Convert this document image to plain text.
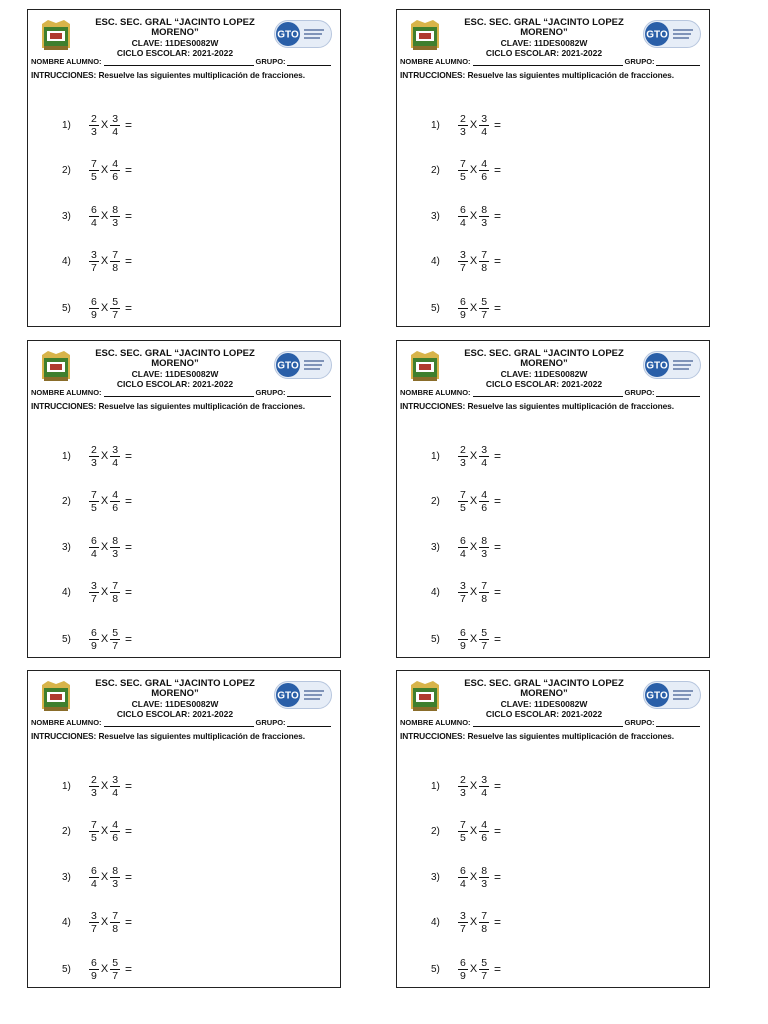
ESC. SEC. GRAL “JACINTO LOPEZ MORENO”
CLAVE: 11DES0082W
CICLO ESCOLAR: 2021-2022
GTO
NOMBRE ALUMNO:	GRUPO:
INTRUCCIONES: Resuelve las siguientes multiplicación de fracciones.
1)	$\frac{2}{3}$ X $\frac{3}{4}$ =
2)	$\frac{7}{5}$ X $\frac{4}{6}$ =
3)	$\frac{6}{4}$ X $\frac{8}{3}$ =
4)	$\frac{3}{7}$ X $\frac{7}{8}$ =
5)	$\frac{6}{9}$ X $\frac{5}{7}$ =
ESC. SEC. GRAL “JACINTO LOPEZ MORENO”
CLAVE: 11DES0082W
CICLO ESCOLAR: 2021-2022
GTO
NOMBRE ALUMNO:	GRUPO:
INTRUCCIONES: Resuelve las siguientes multiplicación de fracciones.
1)	$\frac{2}{3}$ X $\frac{3}{4}$ =
2)	$\frac{7}{5}$ X $\frac{4}{6}$ =
3)	$\frac{6}{4}$ X $\frac{8}{3}$ =
4)	$\frac{3}{7}$ X $\frac{7}{8}$ =
5)	$\frac{6}{9}$ X $\frac{5}{7}$ =
ESC. SEC. GRAL “JACINTO LOPEZ MORENO”
CLAVE: 11DES0082W
CICLO ESCOLAR: 2021-2022
GTO
NOMBRE ALUMNO:	GRUPO:
INTRUCCIONES: Resuelve las siguientes multiplicación de fracciones.
1)	$\frac{2}{3}$ X $\frac{3}{4}$ =
2)	$\frac{7}{5}$ X $\frac{4}{6}$ =
3)	$\frac{6}{4}$ X $\frac{8}{3}$ =
4)	$\frac{3}{7}$ X $\frac{7}{8}$ =
5)	$\frac{6}{9}$ X $\frac{5}{7}$ =
ESC. SEC. GRAL “JACINTO LOPEZ MORENO”
CLAVE: 11DES0082W
CICLO ESCOLAR: 2021-2022
GTO
NOMBRE ALUMNO:	GRUPO:
INTRUCCIONES: Resuelve las siguientes multiplicación de fracciones.
1)	$\frac{2}{3}$ X $\frac{3}{4}$ =
2)	$\frac{7}{5}$ X $\frac{4}{6}$ =
3)	$\frac{6}{4}$ X $\frac{8}{3}$ =
4)	$\frac{3}{7}$ X $\frac{7}{8}$ =
5)	$\frac{6}{9}$ X $\frac{5}{7}$ =
ESC. SEC. GRAL “JACINTO LOPEZ MORENO”
CLAVE: 11DES0082W
CICLO ESCOLAR: 2021-2022
GTO
NOMBRE ALUMNO:	GRUPO:
INTRUCCIONES: Resuelve las siguientes multiplicación de fracciones.
1)	$\frac{2}{3}$ X $\frac{3}{4}$ =
2)	$\frac{7}{5}$ X $\frac{4}{6}$ =
3)	$\frac{6}{4}$ X $\frac{8}{3}$ =
4)	$\frac{3}{7}$ X $\frac{7}{8}$ =
5)	$\frac{6}{9}$ X $\frac{5}{7}$ =
ESC. SEC. GRAL “JACINTO LOPEZ MORENO”
CLAVE: 11DES0082W
CICLO ESCOLAR: 2021-2022
GTO
NOMBRE ALUMNO:	GRUPO:
INTRUCCIONES: Resuelve las siguientes multiplicación de fracciones.
1)	$\frac{2}{3}$ X $\frac{3}{4}$ =
2)	$\frac{7}{5}$ X $\frac{4}{6}$ =
3)	$\frac{6}{4}$ X $\frac{8}{3}$ =
4)	$\frac{3}{7}$ X $\frac{7}{8}$ =
5)	$\frac{6}{9}$ X $\frac{5}{7}$ =
